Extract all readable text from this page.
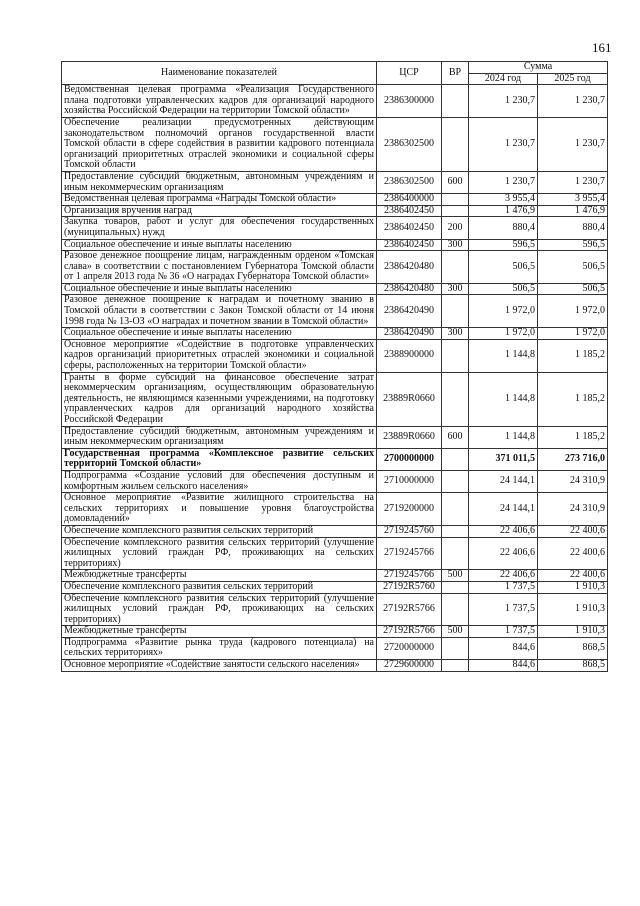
161
Наименование показателей	ЦСР	ВР	Сумма	
			2024 год	2025 год
Ведомственная целевая программа «Реализация Государственного плана подготовки управленческих кадров для организаций народного хозяйства Российской Федерации на территории Томской области»	2386300000		1 230,7	1 230,7
Обеспечение реализации предусмотренных действующим законодательством полномочий органов государственной власти Томской области в сфере содействия в развитии кадрового потенциала организаций приоритетных отраслей экономики и социальной сферы Томской области	2386302500		1 230,7	1 230,7
Предоставление субсидий бюджетным, автономным учреждениям и иным некоммерческим организациям	2386302500	600	1 230,7	1 230,7
Ведомственная целевая программа «Награды Томской области»	2386400000		3 955,4	3 955,4
Организация вручения наград	2386402450		1 476,9	1 476,9
Закупка товаров, работ и услуг для обеспечения государственных (муниципальных) нужд	2386402450	200	880,4	880,4
Социальное обеспечение и иные выплаты населению	2386402450	300	596,5	596,5
Разовое денежное поощрение лицам, награжденным орденом «Томская слава» в соответствии с постановлением Губернатора Томской области от 1 апреля 2013 года № 36 «О наградах Губернатора Томской области»	2386420480		506,5	506,5
Социальное обеспечение и иные выплаты населению	2386420480	300	506,5	506,5
Разовое денежное поощрение к наградам и почетному званию в Томской области в соответствии с Закон Томской области от 14 июня 1998 года № 13-ОЗ «О наградах и почетном звании в Томской области»	2386420490		1 972,0	1 972,0
Социальное обеспечение и иные выплаты населению	2386420490	300	1 972,0	1 972,0
Основное мероприятие «Содействие в подготовке управленческих кадров организаций приоритетных отраслей экономики и социальной сферы, расположенных на территории Томской области»	2388900000		1 144,8	1 185,2
Гранты в форме субсидий на финансовое обеспечение затрат некоммерческим организациям, осуществляющим образовательную деятельность, не являющимся казенными учреждениями, на подготовку управленческих кадров для организаций народного хозяйства Российской Федерации	23889R0660		1 144,8	1 185,2
Предоставление субсидий бюджетным, автономным учреждениям и иным некоммерческим организациям	23889R0660	600	1 144,8	1 185,2
Государственная программа «Комплексное развитие сельских территорий Томской области»	2700000000		371 011,5	273 716,0
Подпрограмма «Создание условий для обеспечения доступным и комфортным жильем сельского населения»	2710000000		24 144,1	24 310,9
Основное мероприятие «Развитие жилищного строительства на сельских территориях и повышение уровня благоустройства домовладений»	2719200000		24 144,1	24 310,9
Обеспечение комплексного развития сельских территорий	2719245760		22 406,6	22 400,6
Обеспечение комплексного развития сельских территорий (улучшение жилищных условий граждан РФ, проживающих на сельских территориях)	2719245766		22 406,6	22 400,6
Межбюджетные трансферты	2719245766	500	22 406,6	22 400,6
Обеспечение комплексного развития сельских территорий	27192R5760		1 737,5	1 910,3
Обеспечение комплексного развития сельских территорий (улучшение жилищных условий граждан РФ, проживающих на сельских территориях)	27192R5766		1 737,5	1 910,3
Межбюджетные трансферты	27192R5766	500	1 737,5	1 910,3
Подпрограмма «Развитие рынка труда (кадрового потенциала) на сельских территориях»	2720000000		844,6	868,5
Основное мероприятие «Содействие занятости сельского населения»	2729600000		844,6	868,5
